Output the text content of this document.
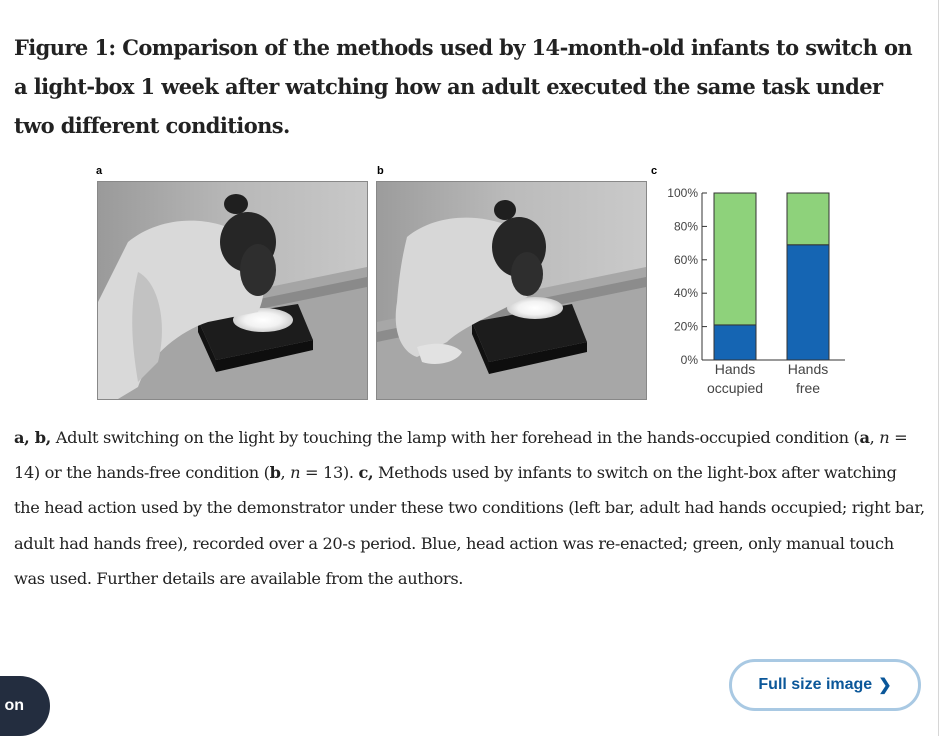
Figure 1: Comparison of the methods used by 14-month-old infants to switch on a light-box 1 week after watching how an adult executed the same task under two different conditions.
a	b	c
0%
20%
40%
60%
80%
100%
Hands
occupied
Hands
free

a, b, Adult switching on the light by touching the lamp with her forehead in the hands-occupied condition (a, n = 14) or the hands-free condition (b, n = 13). c, Methods used by infants to switch on the light-box after watching the head action used by the demonstrator under these two conditions (left bar, adult had hands occupied; right bar, adult had hands free), recorded over a 20-s period. Blue, head action was re-enacted; green, only manual touch was used. Further details are available from the authors.

Full size image ❯
on
